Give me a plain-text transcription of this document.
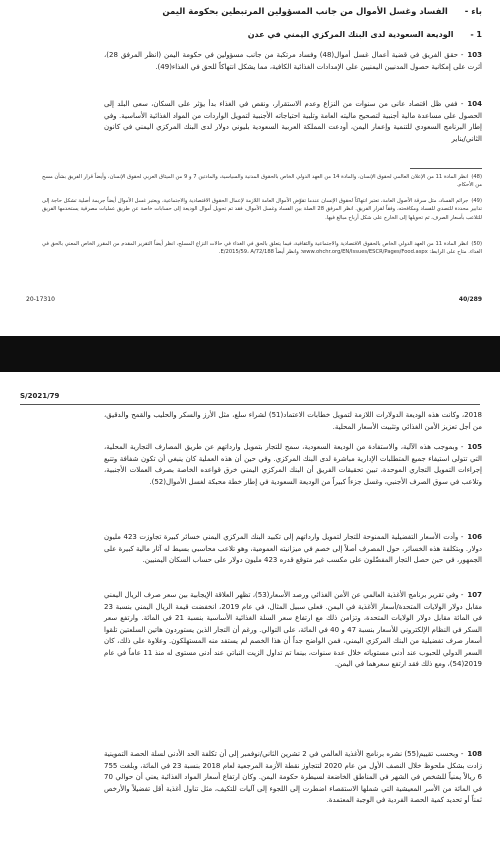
باء - الفساد وغسل الأموال من جانب المسؤولين المرتبطين بحكومة اليمن
1 - الوديعة السعودية لدى البنك المركزي اليمني في عدن

103- حقق الفريق في قضية أعمال غسل أموال(48) وفساد مرتكبة من جانب مسؤولين في حكومة اليمن (انظر المرفق 28)، أثرت على إمكانية حصول المدنيين اليمنيين على الإمدادات الغذائية الكافية، مما يشكل انتهاكاً للحق في الغذاء(49).

104- ففي ظل اقتصاد عانى من سنوات من النزاع وعدم الاستقرار، ونقص في الغذاء بدأ يؤثر على السكان، سعى البلد إلى الحصول على مساعدة مالية أجنبية لتصحيح ماليته العامة وتلبية احتياجاته الأجنبية لتمويل الواردات من المواد الغذائية الأساسية. وفي إطار البرنامج السعودي للتنمية وإعمار اليمن، أودعت المملكة العربية السعودية بليوني دولار لدى البنك المركزي اليمني في كانون الثاني/يناير

(48)انظر المادة 11 من الإعلان العالمي لحقوق الإنسان، والمادة 14 من العهد الدولي الخاص بالحقوق المدنية والسياسية، والمادتين 7 و 9 من الميثاق العربي لحقوق الإنسان، وأيضاً قرار الفريق بشأن مسح من الأحكام.

(49)جرائم الفساد، مثل سرقة الأصول العامة، تعتبر انتهاكاً لحقوق الإنسان عندما تقوّض الأموال العامة اللازمة لإعمال الحقوق الاقتصادية والاجتماعية، ويعتبر غسل الأموال أيضاً جريمة أصلية تشكل حاجة إلى تدابير محددة للتصدي للفساد ومكافحته، وفقاً لقرار الفريق. انظر المرفق 28 الصلة بين الفساد وغسل الأموال، فقد تم تحويل أموال الوديعة إلى حسابات خاصة عن طريق عمليات مصرفية يستخدمها الفريق للتلاعب بأسعار الصرف، ثم تحويلها إلى الخارج على شكل أرباح مبالغ فيها.

(50)انظر المادة 11 من العهد الدولي الخاص بالحقوق الاقتصادية والاجتماعية والثقافية، فيما يتعلق بالحق في الغذاء في حالات النزاع المسلح، انظر أيضاً التقرير المقدم من المقرر الخاص المعني بالحق في الغذاء. متاح على الرابط: www.ohchr.org/EN/Issues/ESCR/Pages/Food.aspx؛ وانظر أيضاً E/2015/59، A/72/188.

40/289
20-17310
S/2021/79

2018، وكانت هذه الوديعة الدولارات اللازمة لتمويل خطابات الاعتماد(51) لشراء سلع، مثل الأرز والسكر والحليب والقمح والدقيق، من أجل تعزيز الأمن الغذائي وتثبيت الأسعار المحلية.

105- وبموجب هذه الآلية، والاستفادة من الوديعة السعودية، سمح للتجار بتمويل وارداتهم عن طريق المصارف التجارية المحلية، التي تتولى استيفاء جميع المتطلبات الإدارية مباشرة لدى البنك المركزي. وفي حين أن هذه العملية كان ينبغي أن تكون شفافة وتتبع إجراءات التمويل التجاري الموحدة، تبين تحقيقات الفريق أن البنك المركزي اليمني خرق قواعده الخاصة بصرف العملات الأجنبية، وتلاعب في سوق الصرف الأجنبي، وغسل جزءاً كبيراً من الوديعة السعودية في إطار خطة محبكة لغسل الأموال(52).

106- وأدت الأسعار التفضيلية الممنوحة للتجار لتمويل وارداتهم إلى تكبيد البنك المركزي اليمني خسائر كبيرة تجاوزت 423 مليون دولار. وبتكلفة هذه الخسائر، حول المصرف أصلاً إلى خصم في ميزانيته العمومية، وهو تلاعب محاسبي بسيط له آثار مالية كبيرة على الجمهور، في حين حصل التجار المفضّلون على مكسب غير متوقع قدره 423 مليون دولار على حساب السكان اليمنيين.

107- وفي تقرير برنامج الأغذية العالمي عن الأمن الغذائي ورصد الأسعار(53)، تظهر العلاقة الإيجابية بين سعر صرف الريال اليمني مقابل دولار الولايات المتحدة/أسعار الأغذية في اليمن. فعلى سبيل المثال، في عام 2019، انخفضت قيمة الريال اليمني بنسبة 23 في المائة مقابل دولار الولايات المتحدة، وتزامن ذلك مع ارتفاع سعر السلة الغذائية الأساسية بنسبة 21 في المائة. وارتفع سعر السكر في النظام الإلكتروني للأسعار بنسبة 47 و 40 في المائة، على التوالي. ورغم أن التجار الذين يستوردون هاتين السلعتين تلقوا أسعار صرف تفضيلية من البنك المركزي اليمني، فمن الواضح جداً أن هذا الخصم لم يستفد منه المستهلكون. وعلاوة على ذلك، كان السعر الدولي للحبوب عند أدنى مستوياته خلال عدة سنوات، بينما تم تداول الزيت النباتي عند أدنى مستوى له منذ 11 عاماً في عام 2019(54)، ومع ذلك فقد ارتفع سعرهما في اليمن.

108- وبحسب تقييم(55) نشره برنامج الأغذية العالمي في 2 تشرين الثاني/نوفمبر إلى أن تكلفة الحد الأدنى لسلة الحصة التموينية زادت بشكل ملحوظ خلال النصف الأول من عام 2020 لتتجاوز نقطة الأزمة المرجعية لعام 2018 بنسبة 23 في المائة، وبلغت 755 6 ريالاً يمنياً للشخص في الشهر في المناطق الخاضعة لسيطرة حكومة اليمن. وكان ارتفاع أسعار المواد الغذائية يعني أن حوالي 70 في المائة من الأسر المعيشية التي شملها الاستقصاء اضطرت إلى اللجوء إلى آليات للتكيف، مثل تناول أغذية أقل تفضيلاً والأرخص ثمناً أو تحديد كمية الحصة الفردية في الوجبة المعتمدة.
